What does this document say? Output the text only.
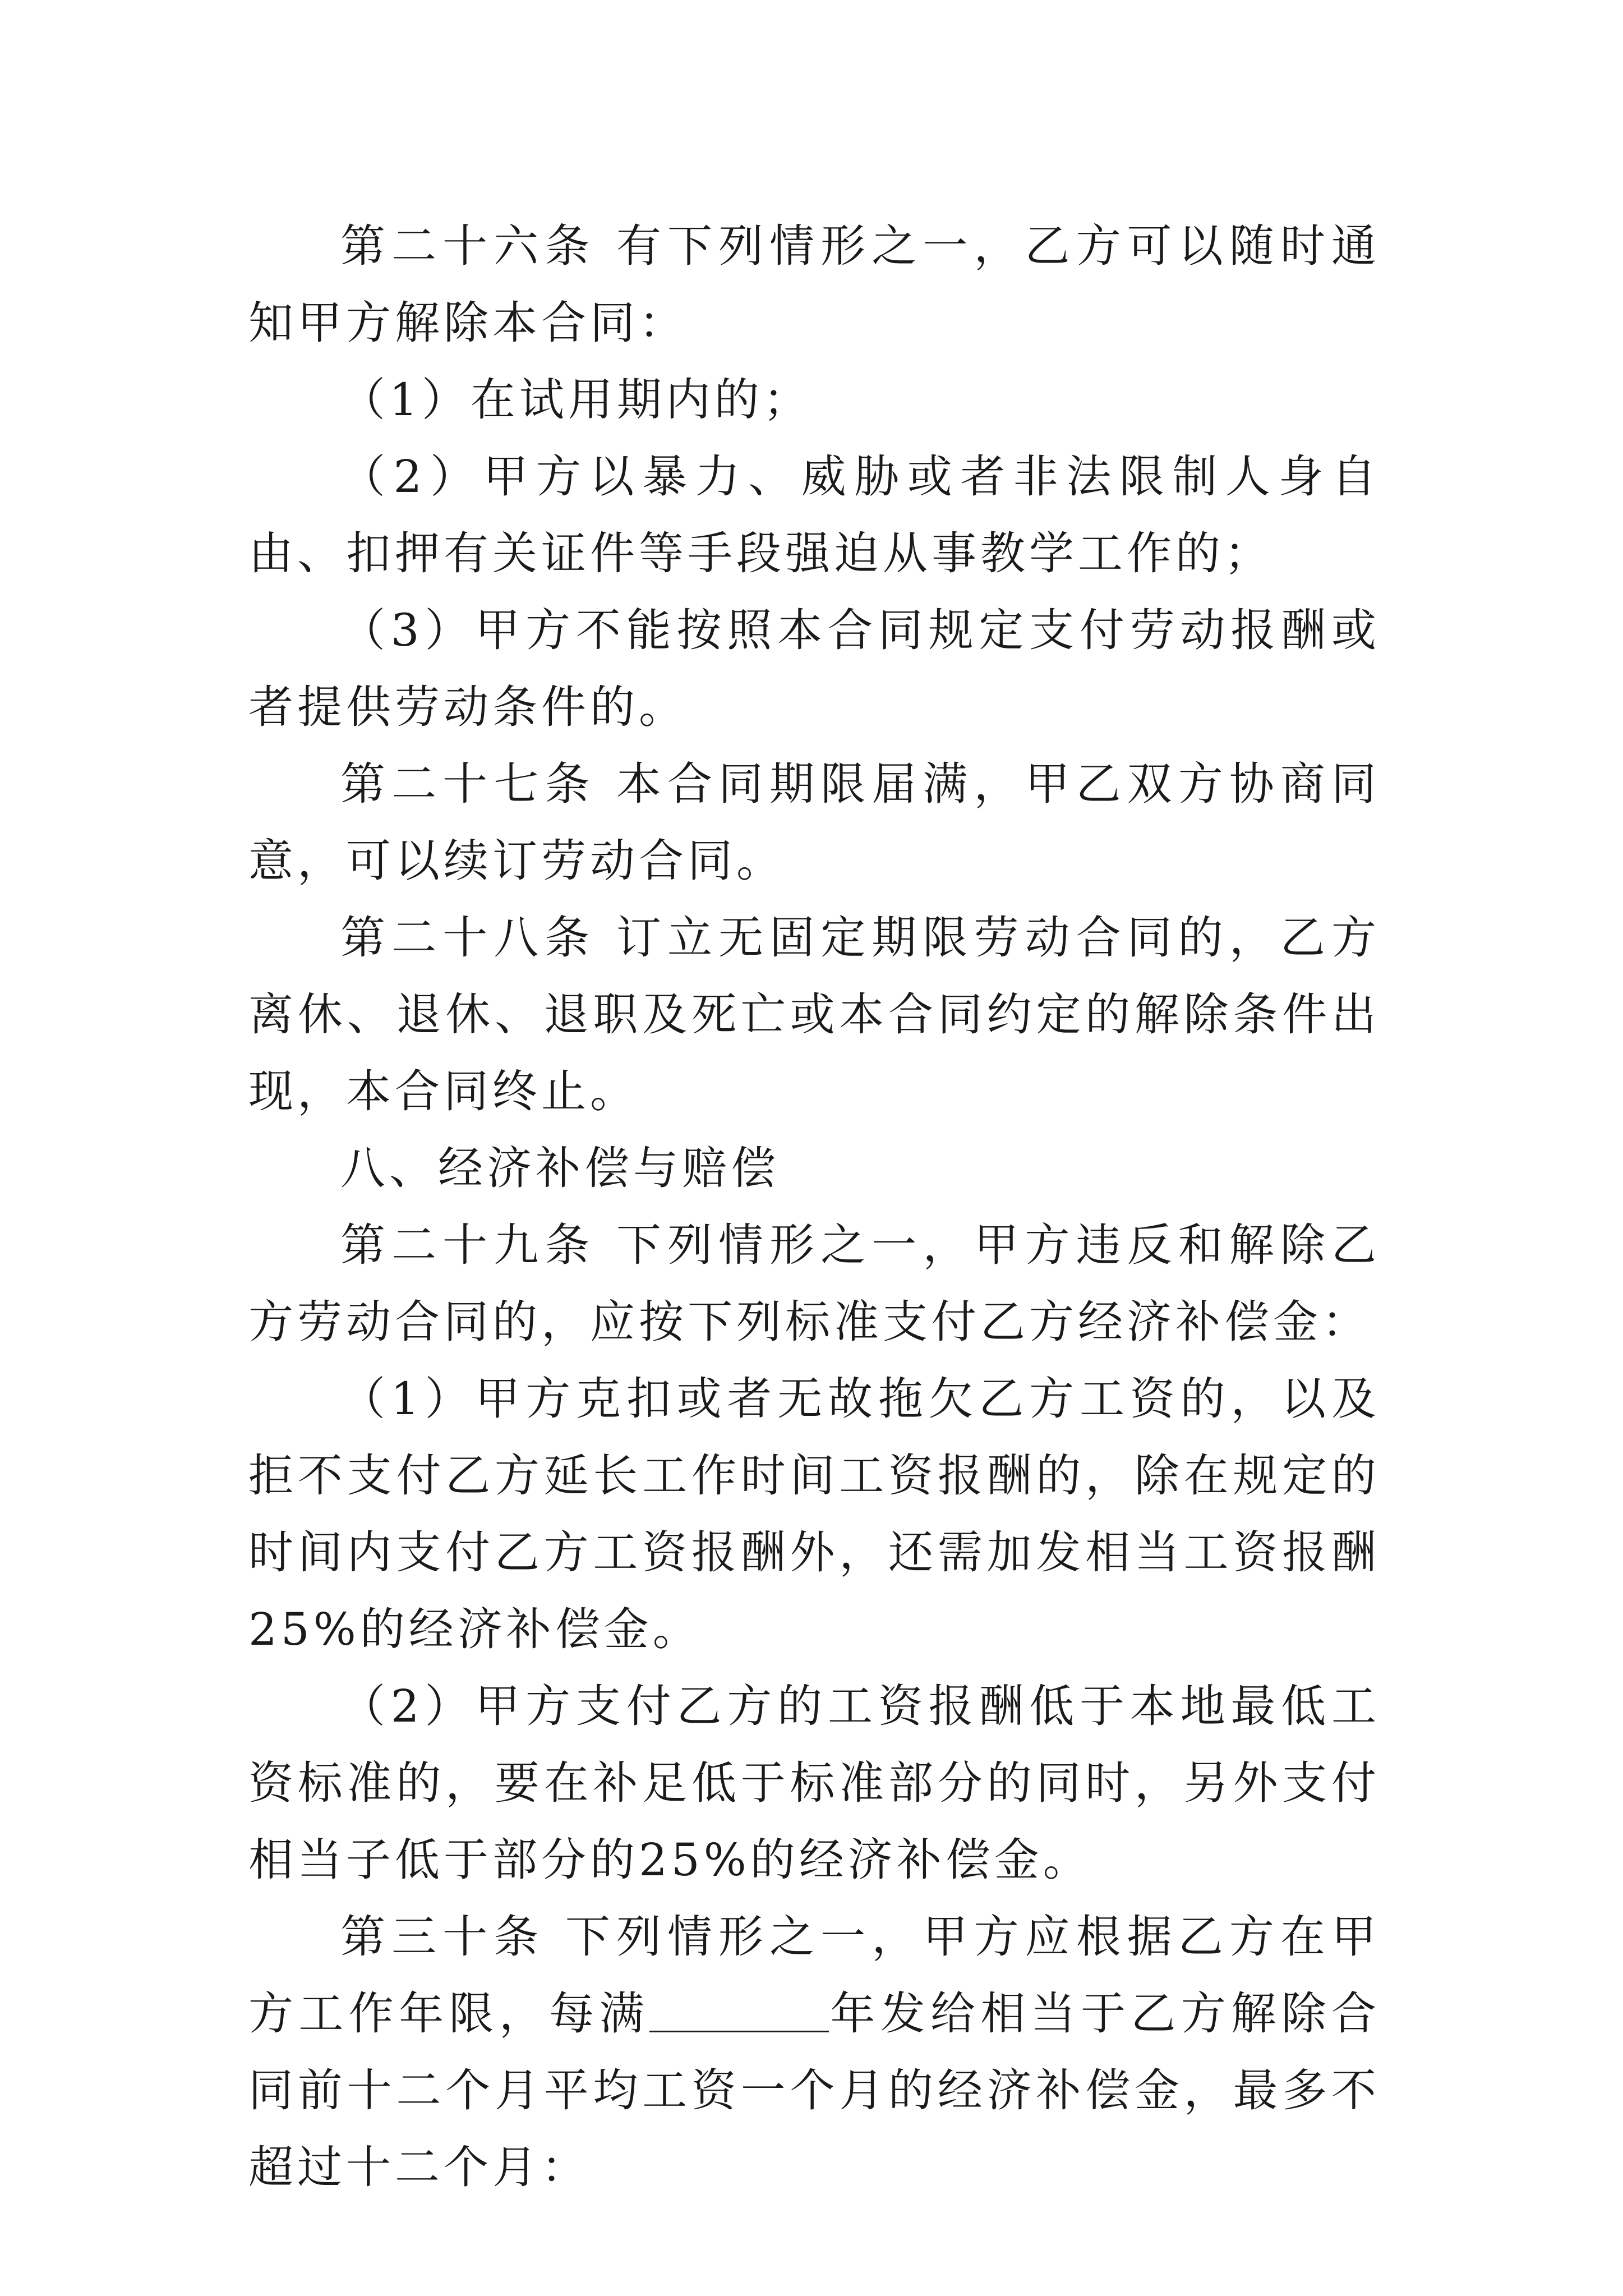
第二十六条 有下列情形之一，乙方可以随时通知甲方解除本合同：

（1）在试用期内的；

（2）甲方以暴力、威胁或者非法限制人身自由、扣押有关证件等手段强迫从事教学工作的；

（3）甲方不能按照本合同规定支付劳动报酬或者提供劳动条件的。

第二十七条 本合同期限届满，甲乙双方协商同意，可以续订劳动合同。

第二十八条 订立无固定期限劳动合同的，乙方离休、退休、退职及死亡或本合同约定的解除条件出现，本合同终止。

八、经济补偿与赔偿

第二十九条 下列情形之一，甲方违反和解除乙方劳动合同的，应按下列标准支付乙方经济补偿金：

（1）甲方克扣或者无故拖欠乙方工资的，以及拒不支付乙方延长工作时间工资报酬的，除在规定的时间内支付乙方工资报酬外，还需加发相当工资报酬25%的经济补偿金。

（2）甲方支付乙方的工资报酬低于本地最低工资标准的，要在补足低于标准部分的同时，另外支付相当子低于部分的25%的经济补偿金。

第三十条 下列情形之一，甲方应根据乙方在甲方工作年限，每满	年发给相当于乙方解除合同前十二个月平均工资一个月的经济补偿金，最多不超过十二个月：
